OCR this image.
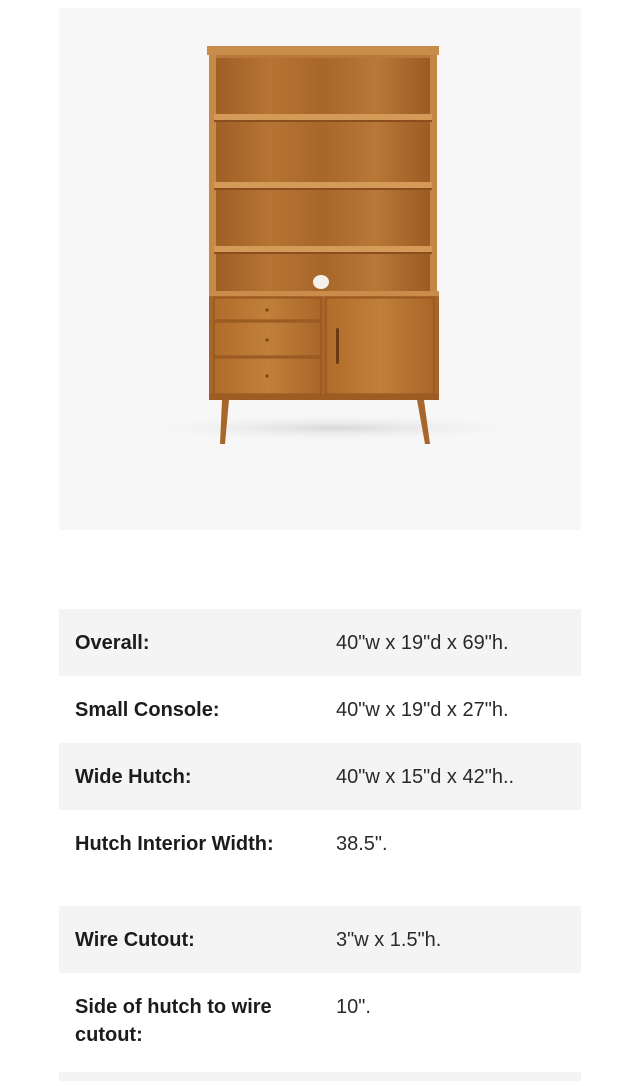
Overall:	40"w x 19"d x 69"h.
Small Console:	40"w x 19"d x 27"h.
Wide Hutch:	40"w x 15"d x 42"h..
Hutch Interior Width:	38.5".
Wire Cutout:	3"w x 1.5"h.
Side of hutch to wire cutout:
10".
